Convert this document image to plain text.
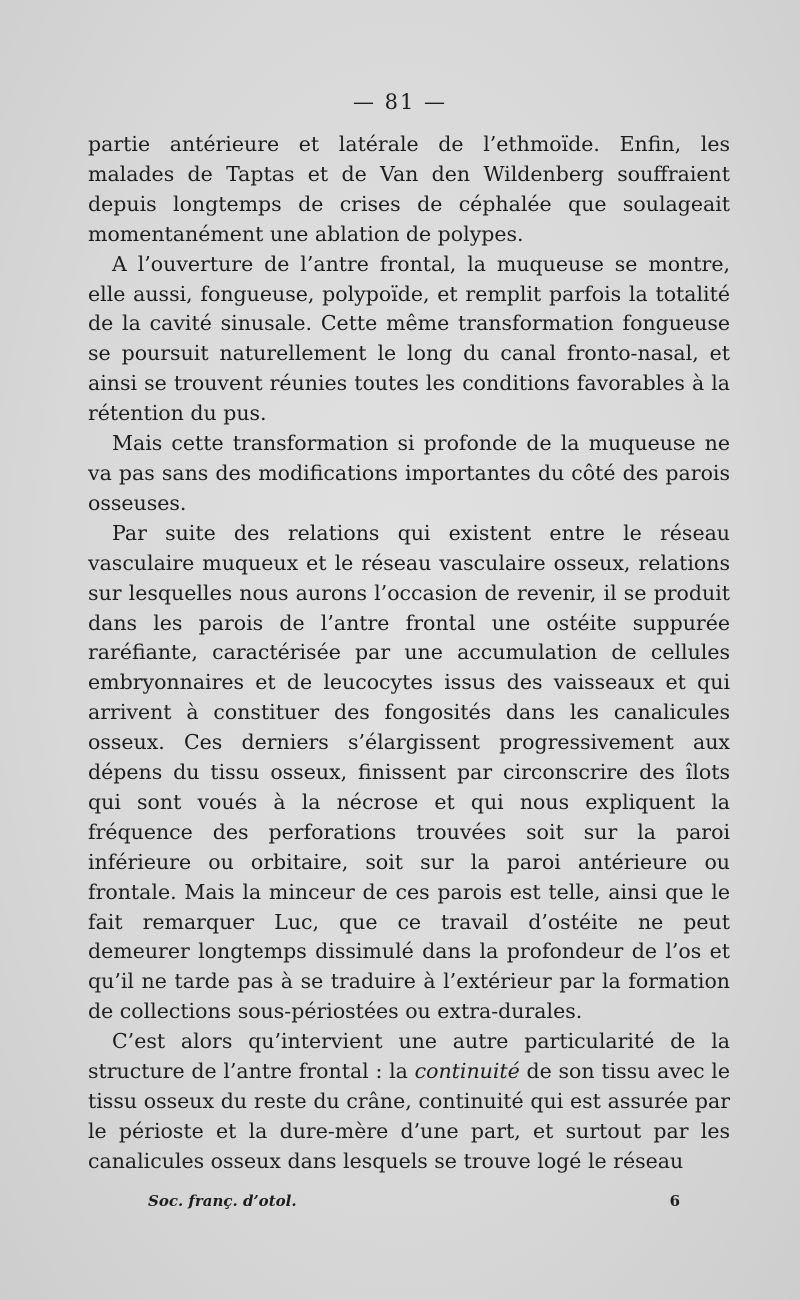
— 81 —

partie antérieure et latérale de l’ethmoïde. Enfin, les malades de Taptas et de Van den Wildenberg souffraient depuis longtemps de crises de céphalée que soulageait momentanément une ablation de polypes.

A l’ouverture de l’antre frontal, la muqueuse se montre, elle aussi, fongueuse, polypoïde, et remplit parfois la totalité de la cavité sinusale. Cette même transformation fongueuse se poursuit naturellement le long du canal fronto-nasal, et ainsi se trouvent réunies toutes les conditions favorables à la rétention du pus.

Mais cette transformation si profonde de la muqueuse ne va pas sans des modifications importantes du côté des parois osseuses.

Par suite des relations qui existent entre le réseau vasculaire muqueux et le réseau vasculaire osseux, relations sur lesquelles nous aurons l’occasion de revenir, il se produit dans les parois de l’antre frontal une ostéite suppurée raréfiante, caractérisée par une accumulation de cellules embryonnaires et de leucocytes issus des vaisseaux et qui arrivent à constituer des fongosités dans les canalicules osseux. Ces derniers s’élargissent progressivement aux dépens du tissu osseux, finissent par circonscrire des îlots qui sont voués à la nécrose et qui nous expliquent la fréquence des perforations trouvées soit sur la paroi inférieure ou orbitaire, soit sur la paroi antérieure ou frontale. Mais la minceur de ces parois est telle, ainsi que le fait remarquer Luc, que ce travail d’ostéite ne peut demeurer longtemps dissimulé dans la profondeur de l’os et qu’il ne tarde pas à se traduire à l’extérieur par la formation de collections sous-périostées ou extra-durales.

C’est alors qu’intervient une autre particularité de la structure de l’antre frontal : la continuité de son tissu avec le tissu osseux du reste du crâne, continuité qui est assurée par le périoste et la dure-mère d’une part, et surtout par les canalicules osseux dans lesquels se trouve logé le réseau

Soc. franç. d’otol.	6
